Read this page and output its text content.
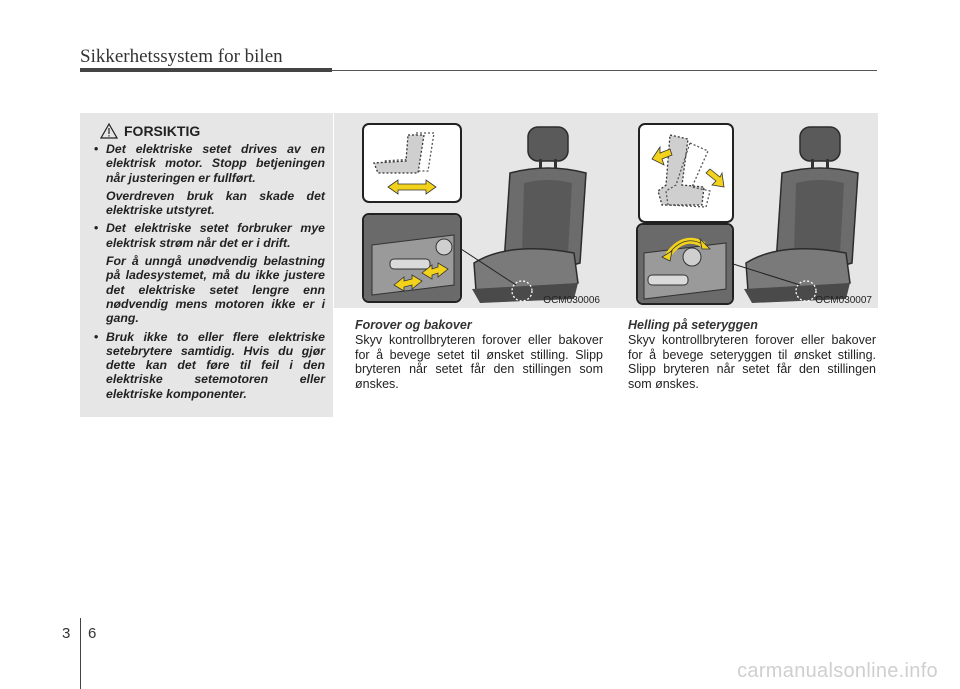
Sikkerhetssystem for bilen
FORSIKTIG

• Det elektriske setet drives av en elektrisk motor. Stopp betjeningen når justeringen er fullført.

Overdreven bruk kan skade det elektriske utstyret.

• Det elektriske setet forbruker mye elektrisk strøm når det er i drift.

For å unngå unødvendig belastning på ladesystemet, må du ikke justere det elektriske setet lengre enn nødvendig mens motoren ikke er i gang.

• Bruk ikke to eller flere elektriske setebrytere samtidig. Hvis du gjør dette kan det føre til feil i den elektriske setemotoren eller elektriske komponenter.

OCM030006	OCM030007
Forover og bakover

Skyv kontrollbryteren forover eller bakover for å bevege setet til ønsket stilling. Slipp bryteren når setet får den stillingen som ønskes.

Helling på seteryggen

Skyv kontrollbryteren forover eller bakover for å bevege seteryggen til ønsket stilling. Slipp bryteren når setet får den stillingen som ønskes.

3 6
carmanualsonline.info
